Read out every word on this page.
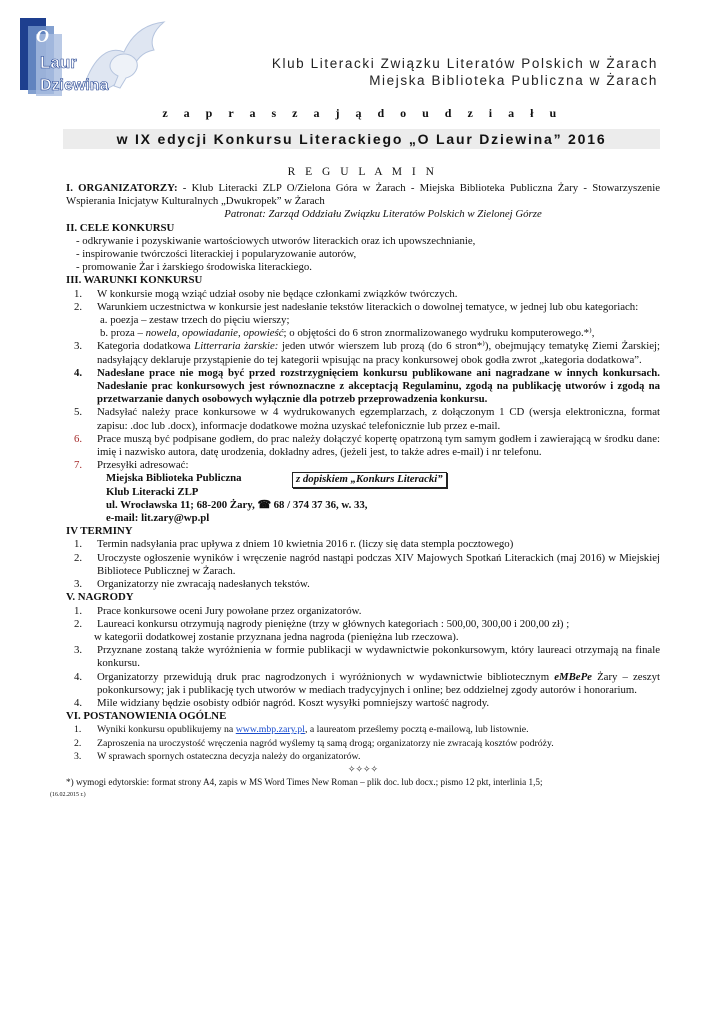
O
Laur
Dziewina
Klub Literacki Związku Literatów Polskich w Żarach
Miejska Biblioteka Publiczna w Żarach
z a p r a s z a j ą d o u d z i a ł u
w IX edycji Konkursu Literackiego „O Laur Dziewina” 2016
R E G U L A M I N
I. ORGANIZATORZY: - Klub Literacki ZLP O/Zielona Góra w Żarach - Miejska Biblioteka Publiczna Żary - Stowarzyszenie Wspierania Inicjatyw Kulturalnych „Dwukropek” w Żarach
Patronat: Zarząd Oddziału Związku Literatów Polskich w Zielonej Górze
II. CELE KONKURSU
- odkrywanie i pozyskiwanie wartościowych utworów literackich oraz ich upowszechnianie,
- inspirowanie twórczości literackiej i popularyzowanie autorów,
- promowanie Żar i żarskiego środowiska literackiego.
III. WARUNKI KONKURSU
1. W konkursie mogą wziąć udział osoby nie będące członkami związków twórczych.
2. Warunkiem uczestnictwa w konkursie jest nadesłanie tekstów literackich o dowolnej tematyce, w jednej lub obu kategoriach:
a. poezja – zestaw trzech do pięciu wierszy;
b. proza – nowela, opowiadanie, opowieść; o objętości do 6 stron znormalizowanego wydruku komputerowego.*⁾,
3. Kategoria dodatkowa Litterraria żarskie: jeden utwór wierszem lub prozą (do 6 stron*⁾), obejmujący tematykę Ziemi Żarskiej; nadsyłający deklaruje przystąpienie do tej kategorii wpisując na pracy konkursowej obok godła zwrot „kategoria dodatkowa”.
4. Nadesłane prace nie mogą być przed rozstrzygnięciem konkursu publikowane ani nagradzane w innych konkursach. Nadesłanie prac konkursowych jest równoznaczne z akceptacją Regulaminu, zgodą na publikację utworów i zgodą na przetwarzanie danych osobowych wyłącznie dla potrzeb przeprowadzenia konkursu.
5. Nadsyłać należy prace konkursowe w 4 wydrukowanych egzemplarzach, z dołączonym 1 CD (wersja elektroniczna, format zapisu: .doc lub .docx), informacje dodatkowe można uzyskać telefonicznie lub przez e-mail.
6. Prace muszą być podpisane godłem, do prac należy dołączyć kopertę opatrzoną tym samym godłem i zawierającą w środku dane: imię i nazwisko autora, datę urodzenia, dokładny adres, (jeżeli jest, to także adres e-mail) i nr telefonu.
7. Przesyłki adresować:
Miejska Biblioteka Publiczna	z dopiskiem „Konkurs Literacki”
Klub Literacki ZLP
ul. Wrocławska 11; 68-200 Żary, ☎ 68 / 374 37 36, w. 33,
e-mail: lit.zary@wp.pl
IV TERMINY
1. Termin nadsyłania prac upływa z dniem 10 kwietnia 2016 r. (liczy się data stempla pocztowego)
2. Uroczyste ogłoszenie wyników i wręczenie nagród nastąpi podczas XIV Majowych Spotkań Literackich (maj 2016) w Miejskiej Bibliotece Publicznej w Żarach.
3. Organizatorzy nie zwracają nadesłanych tekstów.
V. NAGRODY
1. Prace konkursowe oceni Jury powołane przez organizatorów.
2. Laureaci konkursu otrzymują nagrody pieniężne (trzy w głównych kategoriach : 500,00, 300,00 i 200,00 zł) ;
w kategorii dodatkowej zostanie przyznana jedna nagroda (pieniężna lub rzeczowa).
3. Przyznane zostaną także wyróżnienia w formie publikacji w wydawnictwie pokonkursowym, który laureaci otrzymają na finale konkursu.
4. Organizatorzy przewidują druk prac nagrodzonych i wyróżnionych w wydawnictwie bibliotecznym eMBePe Żary – zeszyt pokonkursowy; jak i publikację tych utworów w mediach tradycyjnych i online; bez oddzielnej zgody autorów i honorarium.
4. Mile widziany będzie osobisty odbiór nagród. Koszt wysyłki pomniejszy wartość nagrody.
VI. POSTANOWIENIA OGÓLNE
1. Wyniki konkursu opublikujemy na www.mbp.zary.pl, a laureatom prześlemy pocztą e-mailową, lub listownie.
2. Zaproszenia na uroczystość wręczenia nagród wyślemy tą samą drogą; organizatorzy nie zwracają kosztów podróży.
3. W sprawach spornych ostateczna decyzja należy do organizatorów.
✧✧✧✧
*) wymogi edytorskie: format strony A4, zapis w MS Word Times New Roman – plik doc. lub docx.; pismo 12 pkt, interlinia 1,5;
(16.02.2015 r.)
